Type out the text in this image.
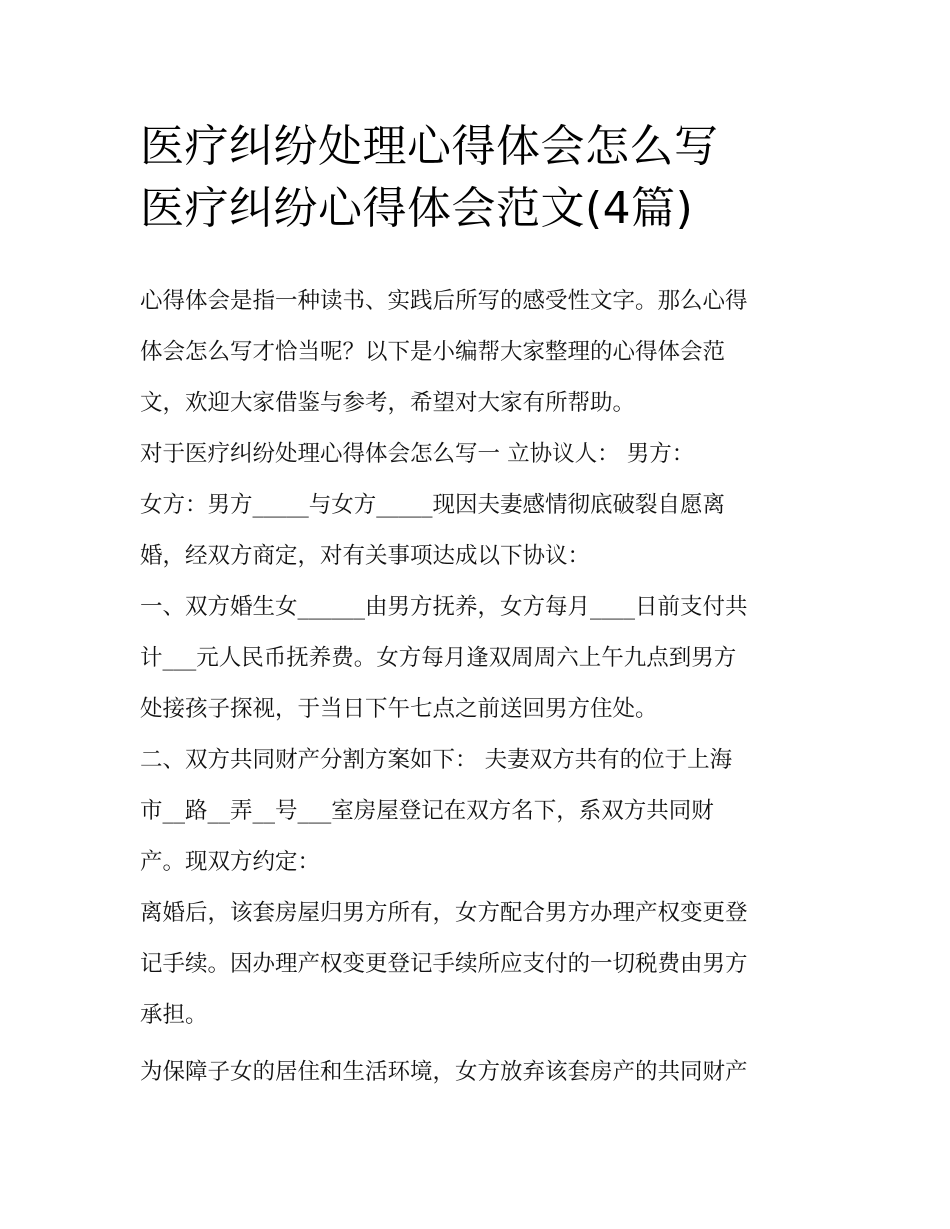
医疗纠纷处理心得体会怎么写
医疗纠纷心得体会范文(4篇)
心得体会是指一种读书、实践后所写的感受性文字。那么心得
体会怎么写才恰当呢？以下是小编帮大家整理的心得体会范
文，欢迎大家借鉴与参考，希望对大家有所帮助。
对于医疗纠纷处理心得体会怎么写一 立协议人： 男方：
女方：男方_____与女方_____现因夫妻感情彻底破裂自愿离
婚，经双方商定，对有关事项达成以下协议：
一、双方婚生女______由男方抚养，女方每月____日前支付共
计___元人民币抚养费。女方每月逢双周周六上午九点到男方
处接孩子探视，于当日下午七点之前送回男方住处。
二、双方共同财产分割方案如下： 夫妻双方共有的位于上海
市__路__弄__号___室房屋登记在双方名下，系双方共同财
产。现双方约定：
离婚后，该套房屋归男方所有，女方配合男方办理产权变更登
记手续。因办理产权变更登记手续所应支付的一切税费由男方
承担。
为保障子女的居住和生活环境，女方放弃该套房产的共同财产
